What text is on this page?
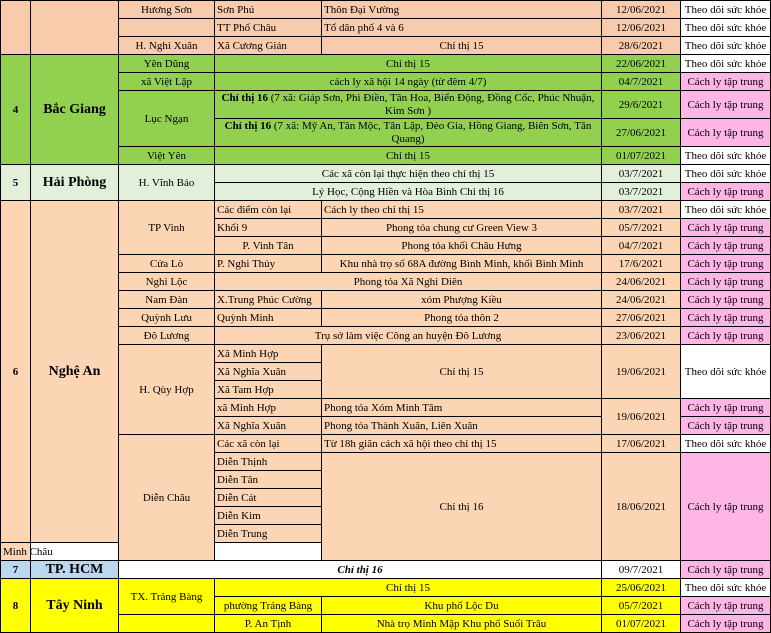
		Hương Sơn	Sơn Phú	Thôn Đại Vường	12/06/2021	Theo dõi sức khỏe
			TT Phố Châu	Tổ dân phố 4 và 6	12/06/2021	Theo dõi sức khỏe
		H. Nghi Xuân	Xã Cương Gián	Chỉ thị 15	28/6/2021	Theo dõi sức khỏe
4	Bắc Giang	Yên Dũng	Chỉ thị 15		22/06/2021	Theo dõi sức khỏe
		xã Việt Lập	cách ly xã hội 14 ngày (từ đêm 4/7)		04/7/2021	Cách ly tập trung
		Lục Ngạn	Chỉ thị 16 (7 xã: Giáp Sơn, Phì Điền, Tân Hoa, Biển Động, Đồng Cốc, Phúc Nhuận, Kim Sơn )		29/6/2021	Cách ly tập trung

			Chỉ thị 16 (7 xã: Mỹ An, Tân Mộc, Tân Lập, Đèo Gia, Hồng Giang, Biên Sơn, Tân Quang)		27/06/2021	Cách ly tập trung
		Việt Yên	Chỉ thị 15		01/07/2021	Theo dõi sức khỏe
5	Hải Phòng	H. Vĩnh Bảo	Các xã còn lại thực hiện theo chỉ thị 15		03/7/2021	Theo dõi sức khỏe
			Lý Học, Cộng Hiền và Hòa Bình Chỉ thị 16		03/7/2021	Cách ly tập trung
6	Nghệ An	TP Vinh	Các điểm còn lại	Cách ly theo chỉ thị 15	03/7/2021	Theo dõi sức khỏe
			Khối 9	Phong tỏa chung cư Green View 3	05/7/2021	Cách ly tập trung
			P. Vinh Tân	Phong tỏa khối Châu Hưng	04/7/2021	Cách ly tập trung
		Cửa Lò	P. Nghi Thủy	Khu nhà trọ số 68A đường Bình Minh, khối Bình Minh	17/6/2021	Cách ly tập trung
		Nghi Lộc	Phong tỏa Xã Nghi Diên		24/06/2021	Cách ly tập trung
		Nam Đàn	X.Trung Phúc Cường	xóm Phượng Kiều	24/06/2021	Cách ly tập trung
		Quỳnh Lưu	Quỳnh Minh	Phong tỏa thôn 2	27/06/2021	Cách ly tập trung
		Đô Lương	Trụ sở làm việc Công an huyện Đô Lương		23/06/2021	Cách ly tập trung
		H. Qùy Hợp	Xã Minh Hợp	Chỉ thị 15	19/06/2021	Theo dõi sức khỏe
			Xã Nghĩa Xuân			
			Xã Tam Hợp			
			xã Minh Hợp	Phong tỏa Xóm Minh Tâm	19/06/2021	Cách ly tập trung
			Xã Nghĩa Xuân	Phong tỏa Thành Xuân, Liên Xuân		Cách ly tập trung
		Diễn Châu	Các xã còn lại	Từ 18h giãn cách xã hội theo chỉ thị 15	17/06/2021	Theo dõi sức khỏe
			Diễn Thịnh	Chỉ thị 16	18/06/2021	Cách ly tập trung
			Diễn Tân			
			Diễn Cát			
			Diễn Kim			
			Diễn Trung			
Minh Châu						
7	TP. HCM	Chỉ thị 16			09/7/2021	Cách ly tập trung
8	Tây Ninh	TX. Trảng Bàng	Chỉ thị 15		25/06/2021	Theo dõi sức khỏe
			phường Trảng Bàng	Khu phố Lộc Du	05/7/2021	Cách ly tập trung
			P. An Tịnh	Nhà trọ Minh Mập Khu phố Suối Trâu	01/07/2021	Cách ly tập trung
